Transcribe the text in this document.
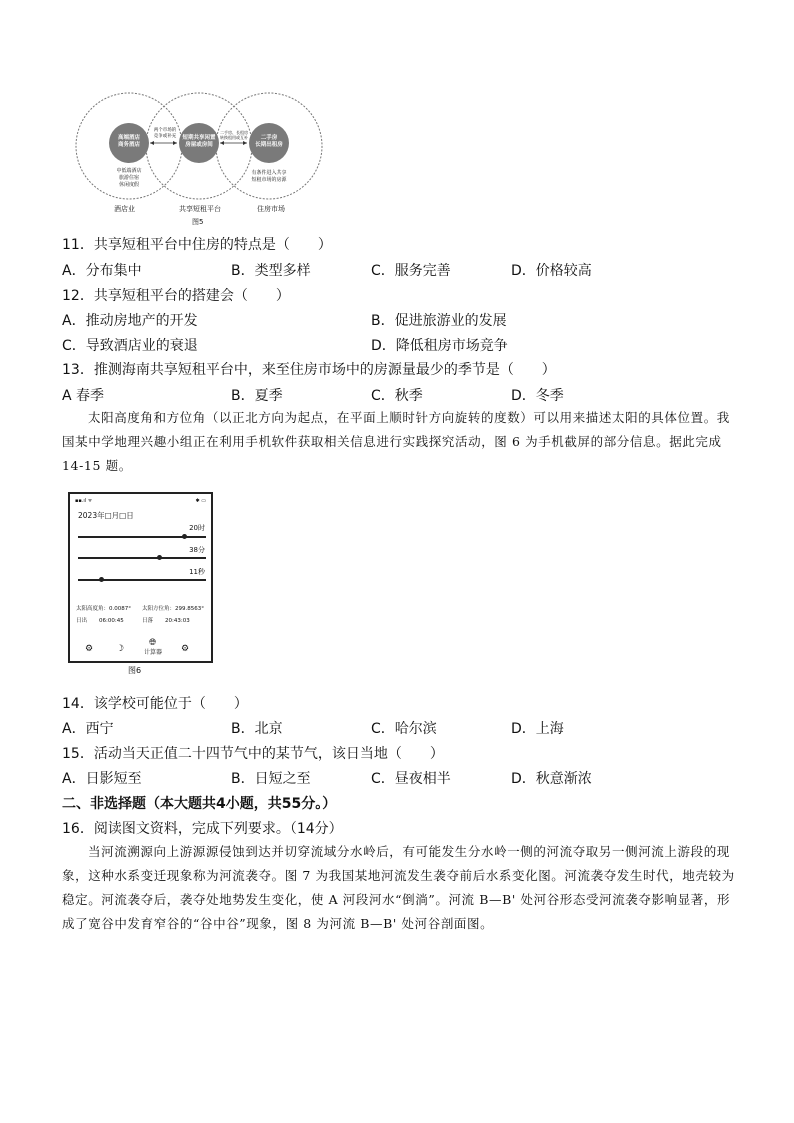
高端酒店
商务酒店
短期共享闲置
房屋或房间
二手房
长期出租房
两个市场的
竞争或补充
二手房、长租房
转换租用或互补
中低端酒店
旅游住宿
休闲度假
有条件进入共享
短租市场的房源
酒店业	共享短租平台	住房市场
图5
11．共享短租平台中住房的特点是（　　）
A．分布集中	B．类型多样	C．服务完善	D．价格较高
12．共享短租平台的搭建会（　　）
A．推动房地产的开发	B．促进旅游业的发展
C．导致酒店业的衰退	D．降低租房市场竞争
13．推测海南共享短租平台中，来至住房市场中的房源量最少的季节是（　　）
A 春季	B．夏季	C．秋季	D．冬季
太阳高度角和方位角（以正北方向为起点，在平面上顺时针方向旋转的度数）可以用来描述太阳的具体位置。我国某中学地理兴趣小组正在利用手机软件获取相关信息进行实践探究活动，图 6 为手机截屏的部分信息。据此完成 14-15 题。
▪▪.ıl ᯤ	✱ ▭
2023年□月□日
20时
38分
11秒
太阳高度角：0.0087° 太阳方位角：299.8563°
日出 06:00:45	日落 20:43:03
⚙	☽
🌐︎
计算器 ⚙
图6
14．该学校可能位于（　　）
A．西宁	B．北京	C．哈尔滨	D．上海
15．活动当天正值二十四节气中的某节气，该日当地（　　）
A．日影短至	B．日短之至	C．昼夜相半	D．秋意渐浓
二、非选择题（本大题共4小题，共55分。）
16．阅读图文资料，完成下列要求。（14分）
当河流溯源向上游源源侵蚀到达并切穿流域分水岭后，有可能发生分水岭一侧的河流夺取另一侧河流上游段的现象，这种水系变迁现象称为河流袭夺。图 7 为我国某地河流发生袭夺前后水系变化图。河流袭夺发生时代，地壳较为稳定。河流袭夺后，袭夺处地势发生变化，使 A 河段河水“倒淌”。河流 B—B' 处河谷形态受河流袭夺影响显著，形成了宽谷中发育窄谷的“谷中谷”现象，图 8 为河流 B—B' 处河谷剖面图。
